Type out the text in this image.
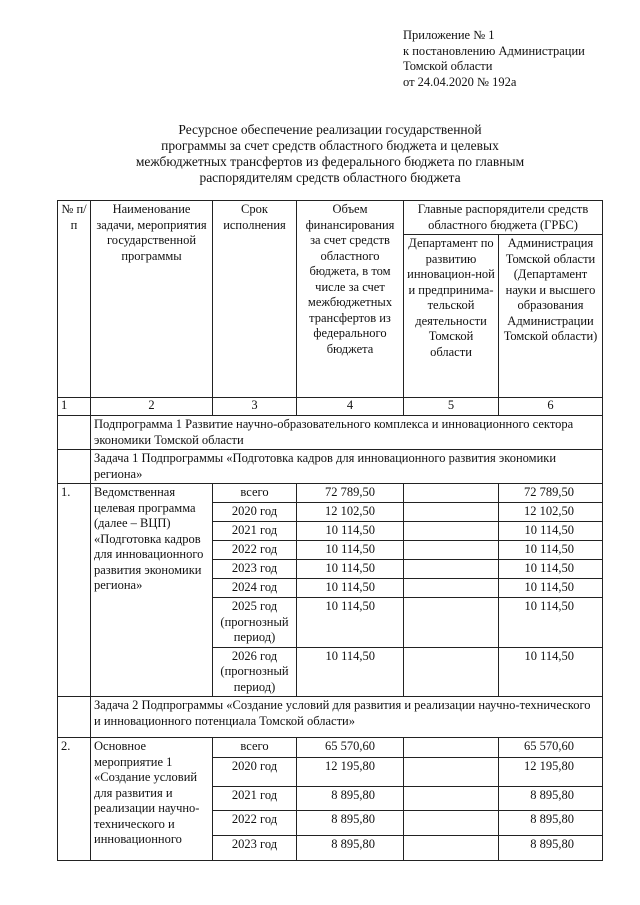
Приложение № 1
к постановлению Администрации
Томской области
от 24.04.2020 № 192а
Ресурсное обеспечение реализации государственной
программы за счет средств областного бюджета и целевых
межбюджетных трансфертов из федерального бюджета по главным
распорядителям средств областного бюджета
№ п/п	Наименование задачи, мероприятия государственной программы	Срок исполнения	Объем финансирования за счет средств областного бюджета, в том числе за счет межбюджетных трансфертов из федерального бюджета	Главные распорядители средств областного бюджета (ГРБС)	
				Департамент по развитию инновацион-ной и предпринима-тельской деятельности Томской области	Администрация Томской области (Департамент науки и высшего образования Администрации Томской области)
1	2	3	4	5	6
	Подпрограмма 1 Развитие научно-образовательного комплекса и инновационного сектора экономики Томской области				
	Задача 1 Подпрограммы «Подготовка кадров для инновационного развития экономики региона»				
1.	Ведомственная целевая программа (далее – ВЦП) «Подготовка кадров для инновационного развития экономики региона»	всего	72 789,50		72 789,50
		2020 год	12 102,50		12 102,50
		2021 год	10 114,50		10 114,50
		2022 год	10 114,50		10 114,50
		2023 год	10 114,50		10 114,50
		2024 год	10 114,50		10 114,50
		2025 год (прогнозный период)	10 114,50		10 114,50
		2026 год (прогнозный период)	10 114,50		10 114,50
	Задача 2 Подпрограммы «Создание условий для развития и реализации научно-технического и инновационного потенциала Томской области»				
2.	Основное мероприятие 1 «Создание условий для развития и реализации научно-технического и инновационного	всего	65 570,60		65 570,60
		2020 год	12 195,80		12 195,80
		2021 год	8 895,80		8 895,80
		2022 год	8 895,80		8 895,80
		2023 год	8 895,80		8 895,80
